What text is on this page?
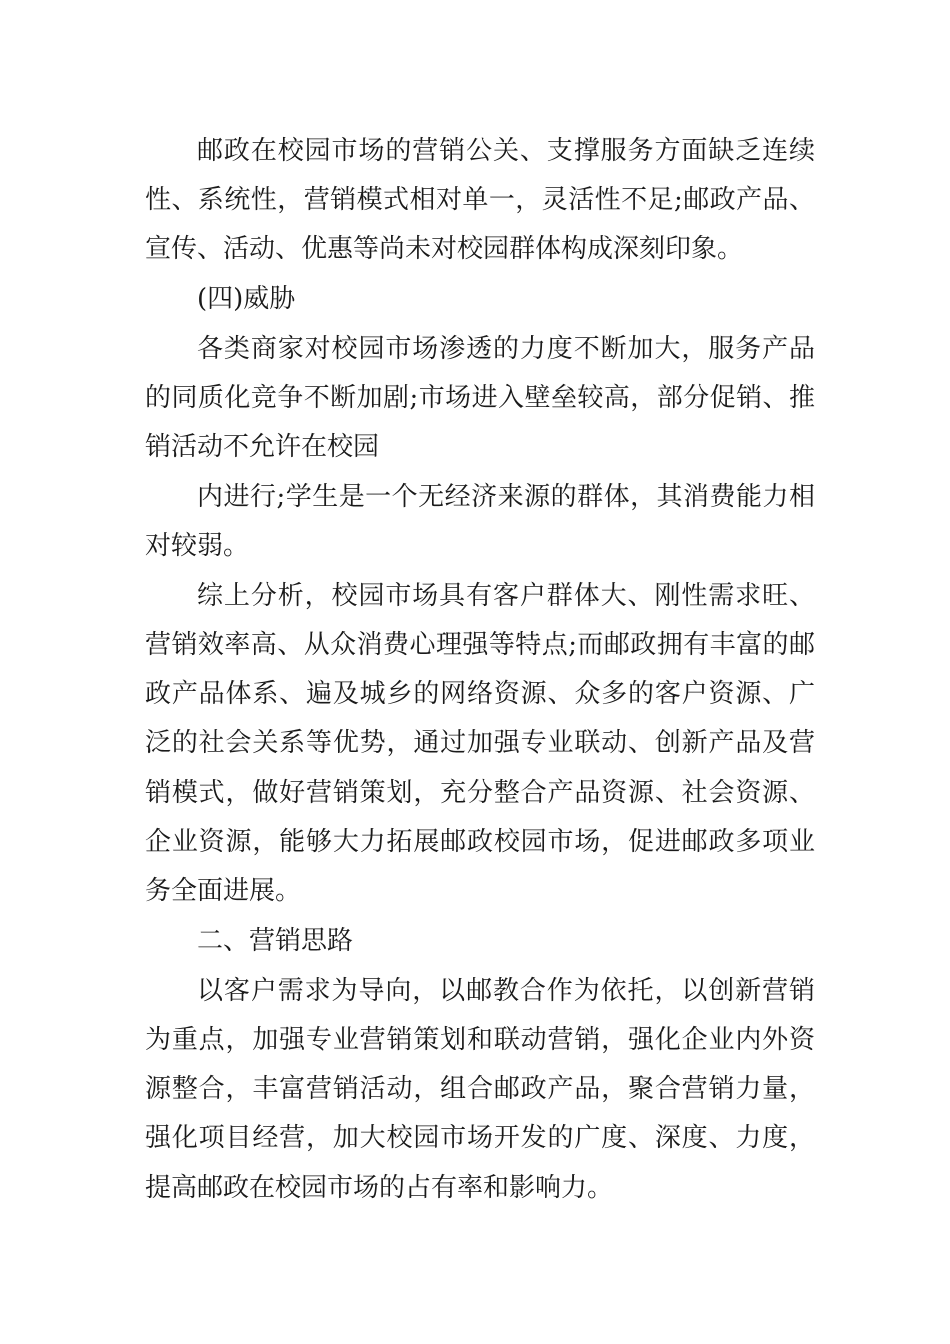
邮政在校园市场的营销公关、支撑服务方面缺乏连续
性、系统性，营销模式相对单一，灵活性不足;邮政产品、
宣传、活动、优惠等尚未对校园群体构成深刻印象。
(四)威胁
各类商家对校园市场渗透的力度不断加大，服务产品
的同质化竞争不断加剧;市场进入壁垒较高，部分促销、推
销活动不允许在校园
内进行;学生是一个无经济来源的群体，其消费能力相
对较弱。
综上分析，校园市场具有客户群体大、刚性需求旺、
营销效率高、从众消费心理强等特点;而邮政拥有丰富的邮
政产品体系、遍及城乡的网络资源、众多的客户资源、广
泛的社会关系等优势，通过加强专业联动、创新产品及营
销模式，做好营销策划，充分整合产品资源、社会资源、
企业资源，能够大力拓展邮政校园市场，促进邮政多项业
务全面进展。
二、营销思路
以客户需求为导向，以邮教合作为依托，以创新营销
为重点，加强专业营销策划和联动营销，强化企业内外资
源整合，丰富营销活动，组合邮政产品，聚合营销力量，
强化项目经营，加大校园市场开发的广度、深度、力度，
提高邮政在校园市场的占有率和影响力。
